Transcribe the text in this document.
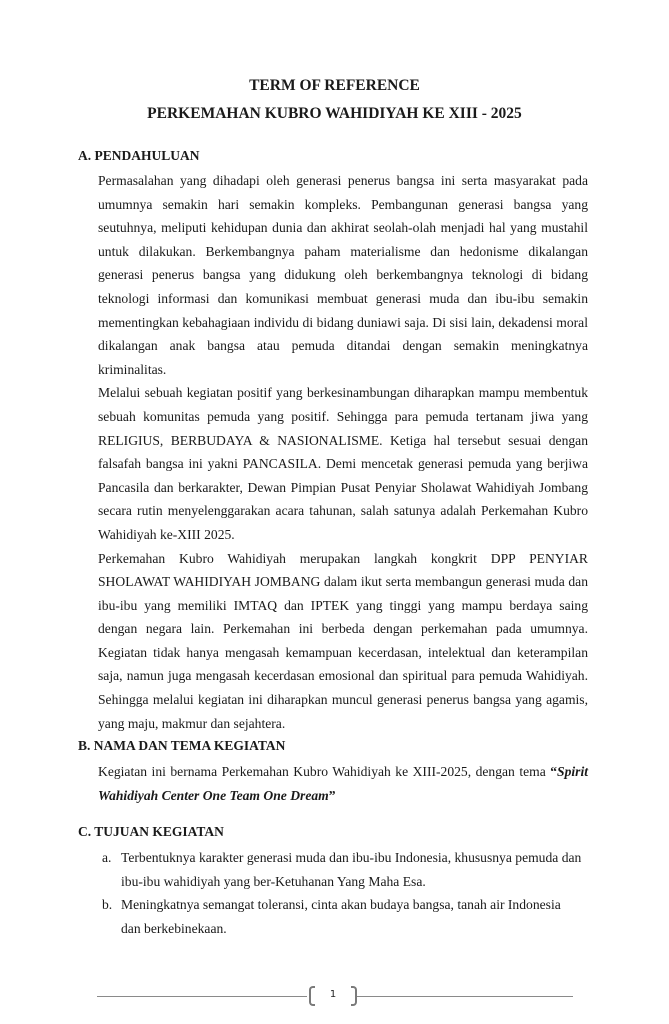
TERM OF REFERENCE
PERKEMAHAN KUBRO WAHIDIYAH KE XIII - 2025
A. PENDAHULUAN

Permasalahan yang dihadapi oleh generasi penerus bangsa ini serta masyarakat pada umumnya semakin hari semakin kompleks. Pembangunan generasi bangsa yang seutuhnya, meliputi kehidupan dunia dan akhirat seolah-olah menjadi hal yang mustahil untuk dilakukan. Berkembangnya paham materialisme dan hedonisme dikalangan generasi penerus bangsa yang didukung oleh berkembangnya teknologi di bidang teknologi informasi dan komunikasi membuat generasi muda dan ibu-ibu semakin mementingkan kebahagiaan individu di bidang duniawi saja. Di sisi lain, dekadensi moral dikalangan anak bangsa atau pemuda ditandai dengan semakin meningkatnya kriminalitas.

Melalui sebuah kegiatan positif yang berkesinambungan diharapkan mampu membentuk sebuah komunitas pemuda yang positif. Sehingga para pemuda tertanam jiwa yang RELIGIUS, BERBUDAYA & NASIONALISME. Ketiga hal tersebut sesuai dengan falsafah bangsa ini yakni PANCASILA. Demi mencetak generasi pemuda yang berjiwa Pancasila dan berkarakter, Dewan Pimpian Pusat Penyiar Sholawat Wahidiyah Jombang secara rutin menyelenggarakan acara tahunan, salah satunya adalah Perkemahan Kubro Wahidiyah ke-XIII 2025.

Perkemahan Kubro Wahidiyah merupakan langkah kongkrit DPP PENYIAR SHOLAWAT WAHIDIYAH JOMBANG dalam ikut serta membangun generasi muda dan ibu-ibu yang memiliki IMTAQ dan IPTEK yang tinggi yang mampu berdaya saing dengan negara lain. Perkemahan ini berbeda dengan perkemahan pada umumnya. Kegiatan tidak hanya mengasah kemampuan kecerdasan, intelektual dan keterampilan saja, namun juga mengasah kecerdasan emosional dan spiritual para pemuda Wahidiyah. Sehingga melalui kegiatan ini diharapkan muncul generasi penerus bangsa yang agamis, yang maju, makmur dan sejahtera.

B. NAMA DAN TEMA KEGIATAN

Kegiatan ini bernama Perkemahan Kubro Wahidiyah ke XIII-2025, dengan tema “Spirit Wahidiyah Center One Team One Dream”

C. TUJUAN KEGIATAN
a. Terbentuknya karakter generasi muda dan ibu-ibu Indonesia, khususnya pemuda dan ibu-ibu wahidiyah yang ber-Ketuhanan Yang Maha Esa.
b. Meningkatnya semangat toleransi, cinta akan budaya bangsa, tanah air Indonesia dan berkebinekaan.
1
